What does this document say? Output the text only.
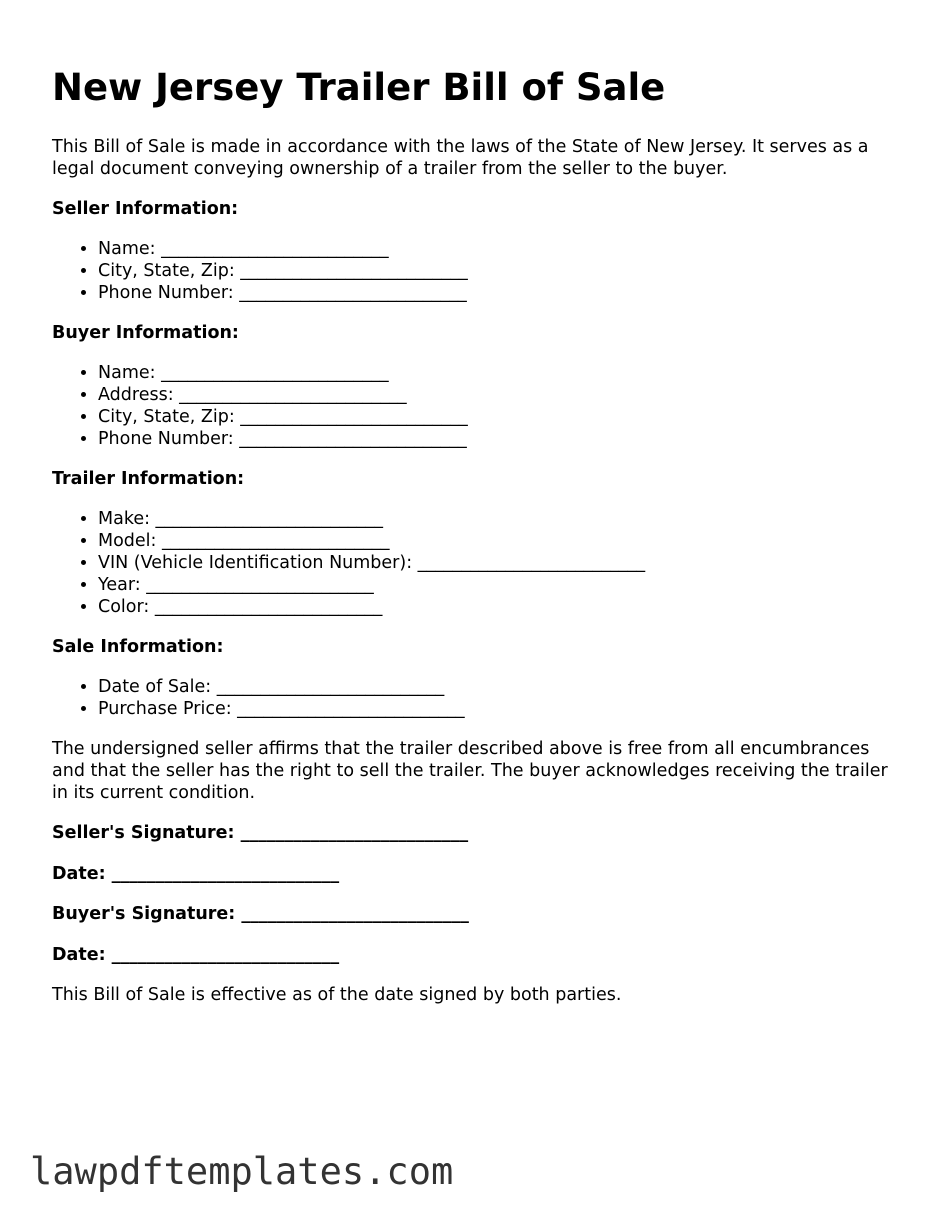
New Jersey Trailer Bill of Sale

This Bill of Sale is made in accordance with the laws of the State of New Jersey. It serves as a legal document conveying ownership of a trailer from the seller to the buyer.

Seller Information:
• Name: __________________________
• City, State, Zip: __________________________
• Phone Number: __________________________
Buyer Information:
• Name: __________________________
• Address: __________________________
• City, State, Zip: __________________________
• Phone Number: __________________________
Trailer Information:
• Make: __________________________
• Model: __________________________
• VIN (Vehicle Identification Number): __________________________
• Year: __________________________
• Color: __________________________
Sale Information:
• Date of Sale: __________________________
• Purchase Price: __________________________

The undersigned seller affirms that the trailer described above is free from all encumbrances and that the seller has the right to sell the trailer. The buyer acknowledges receiving the trailer in its current condition.

Seller's Signature: __________________________
Date: __________________________
Buyer's Signature: __________________________
Date: __________________________

This Bill of Sale is effective as of the date signed by both parties.

lawpdftemplates.com
